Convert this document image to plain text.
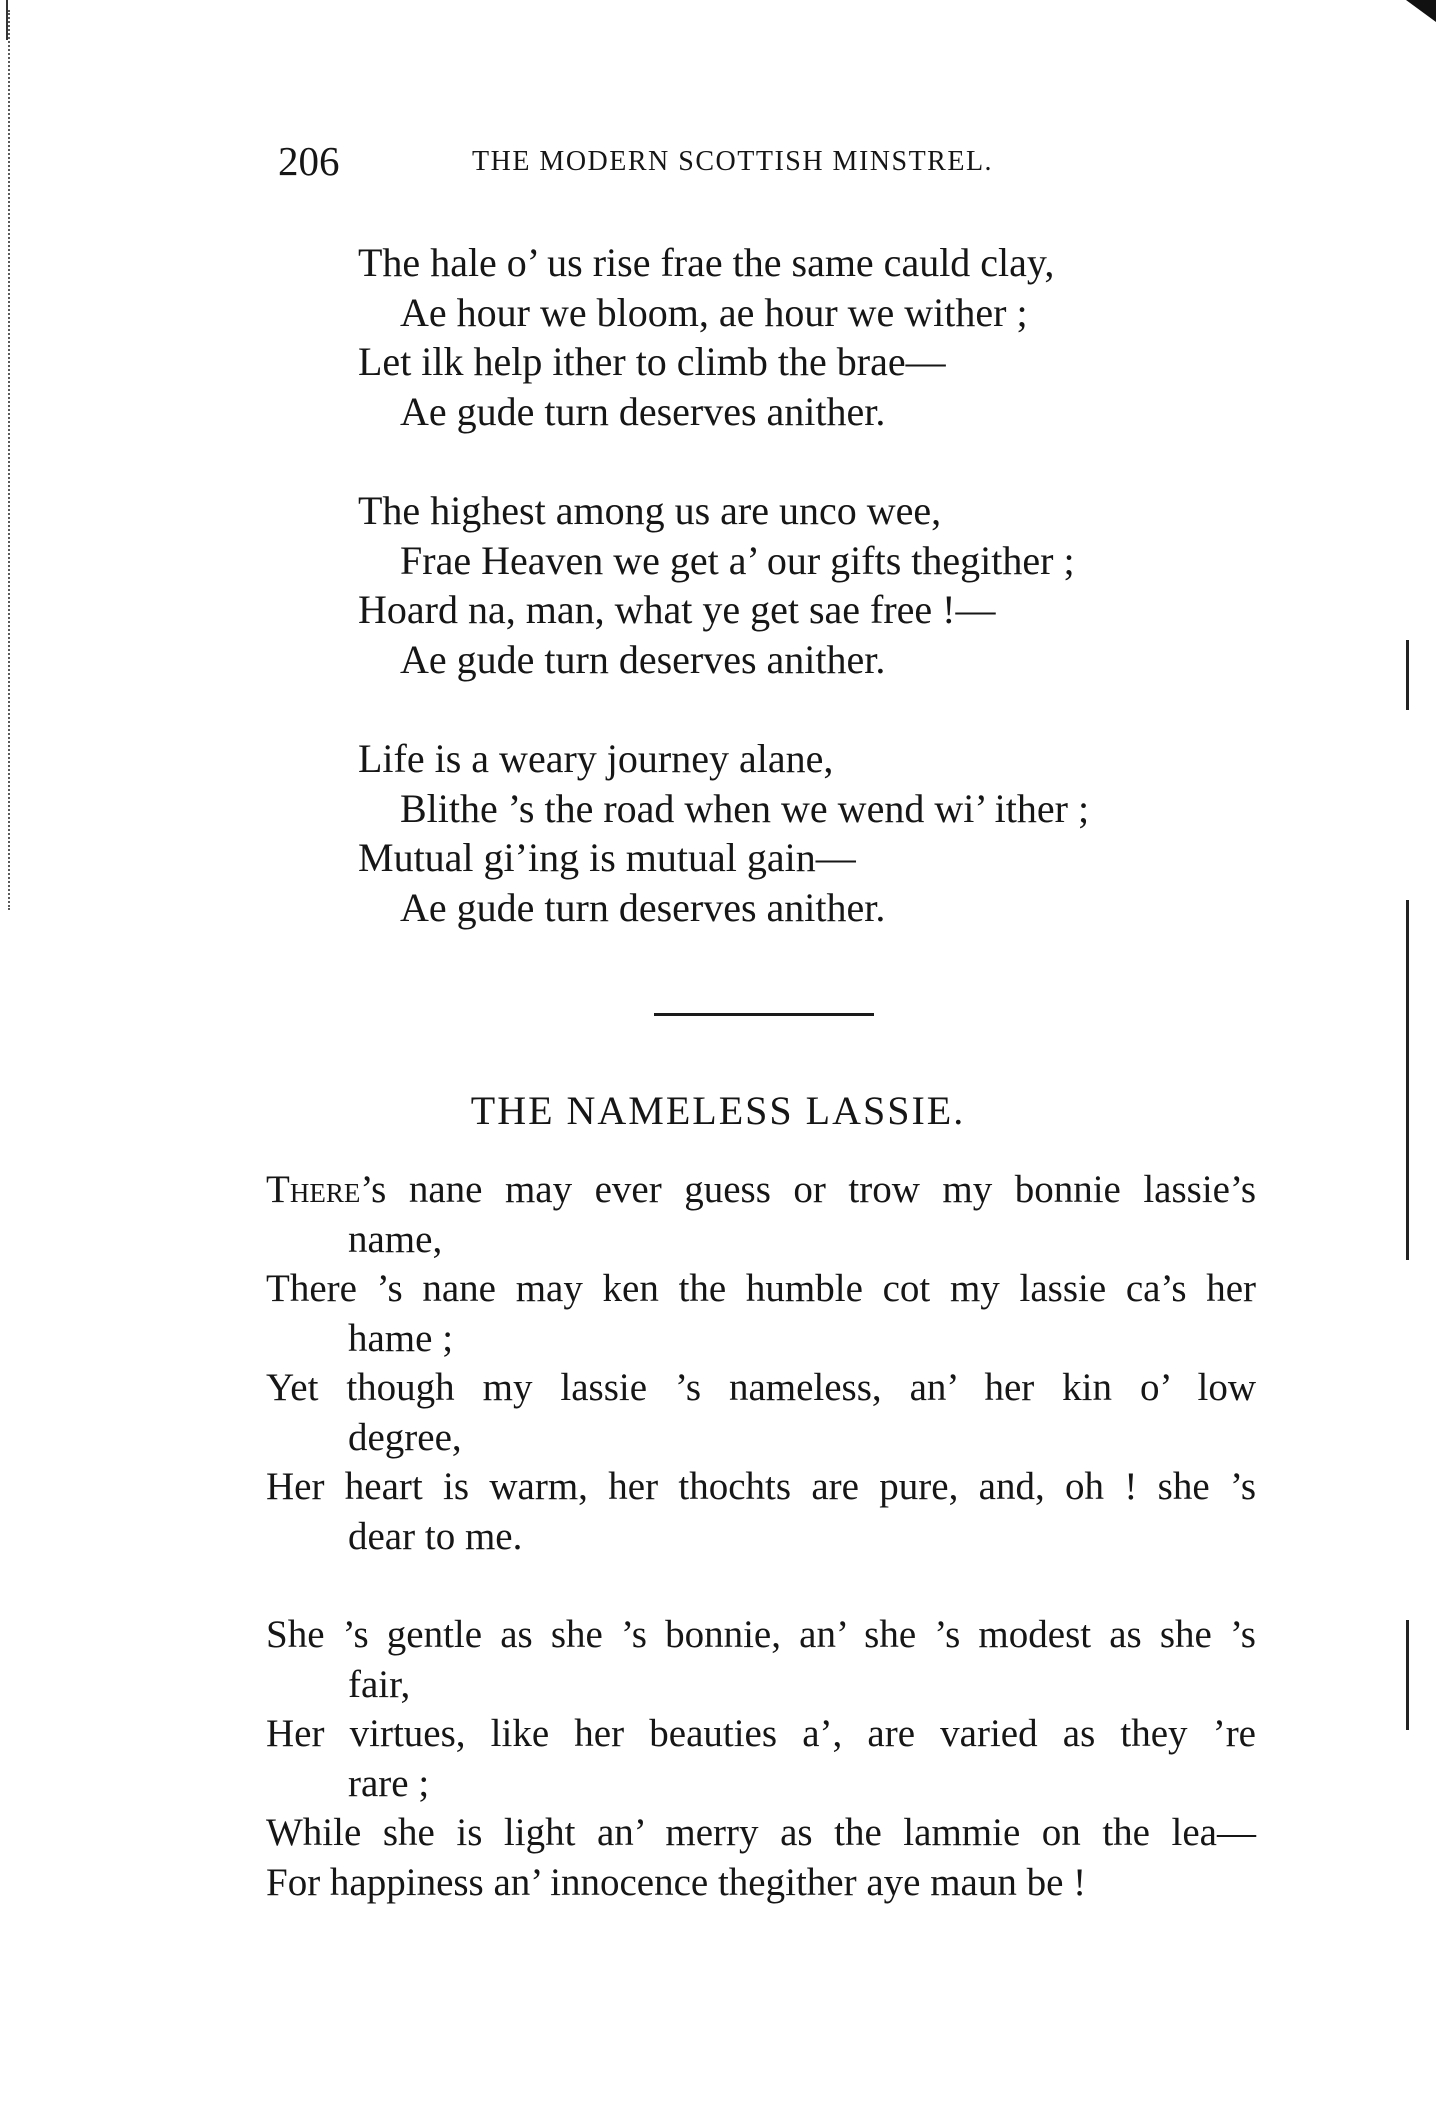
206	THE MODERN SCOTTISH MINSTREL.
The hale o’ us rise frae the same cauld clay,
Ae hour we bloom, ae hour we wither ;
Let ilk help ither to climb the brae—
Ae gude turn deserves anither.
The highest among us are unco wee,
Frae Heaven we get a’ our gifts thegither ;
Hoard na, man, what ye get sae free !—
Ae gude turn deserves anither.
Life is a weary journey alane,
Blithe ’s the road when we wend wi’ ither ;
Mutual gi’ing is mutual gain—
Ae gude turn deserves anither.
THE NAMELESS LASSIE.
There’s nane may ever guess or trow my bonnie lassie’s
name,
There ’s nane may ken the humble cot my lassie ca’s her
hame ;
Yet though my lassie ’s nameless, an’ her kin o’ low
degree,
Her heart is warm, her thochts are pure, and, oh ! she ’s
dear to me.
She ’s gentle as she ’s bonnie, an’ she ’s modest as she ’s
fair,
Her virtues, like her beauties a’, are varied as they ’re
rare ;
While she is light an’ merry as the lammie on the lea—
For happiness an’ innocence thegither aye maun be !
